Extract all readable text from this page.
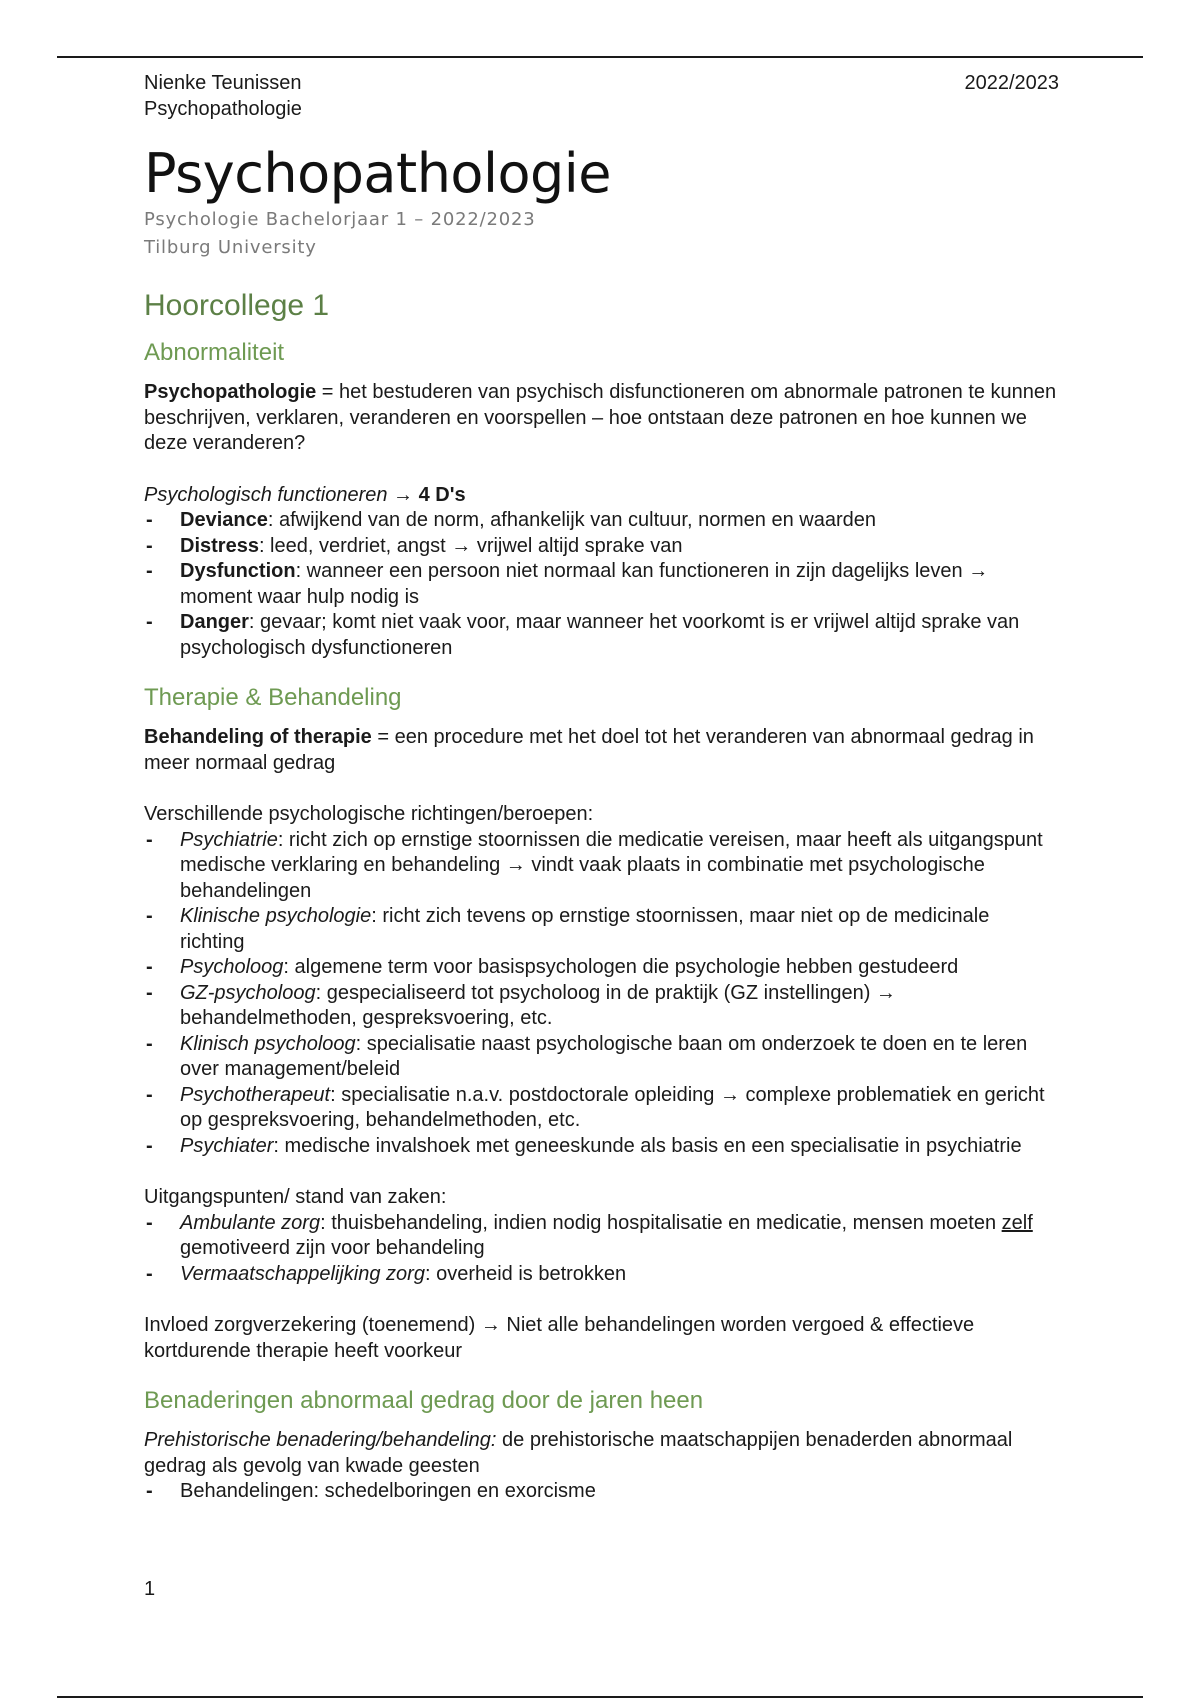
Nienke Teunissen
Psychopathologie
2022/2023
Psychopathologie
Psychologie Bachelorjaar 1 – 2022/2023
Tilburg University
Hoorcollege 1
Abnormaliteit

Psychopathologie = het bestuderen van psychisch disfunctioneren om abnormale patronen te kunnen beschrijven, verklaren, veranderen en voorspellen – hoe ontstaan deze patronen en hoe kunnen we deze veranderen?

Psychologisch functioneren → 4 D's

- Deviance: afwijkend van de norm, afhankelijk van cultuur, normen en waarden
- Distress: leed, verdriet, angst → vrijwel altijd sprake van
- Dysfunction: wanneer een persoon niet normaal kan functioneren in zijn dagelijks leven → moment waar hulp nodig is
- Danger: gevaar; komt niet vaak voor, maar wanneer het voorkomt is er vrijwel altijd sprake van psychologisch dysfunctioneren
Therapie & Behandeling

Behandeling of therapie = een procedure met het doel tot het veranderen van abnormaal gedrag in meer normaal gedrag

Verschillende psychologische richtingen/beroepen:

- Psychiatrie: richt zich op ernstige stoornissen die medicatie vereisen, maar heeft als uitgangspunt medische verklaring en behandeling → vindt vaak plaats in combinatie met psychologische behandelingen
- Klinische psychologie: richt zich tevens op ernstige stoornissen, maar niet op de medicinale richting
- Psycholoog: algemene term voor basispsychologen die psychologie hebben gestudeerd
- GZ-psycholoog: gespecialiseerd tot psycholoog in de praktijk (GZ instellingen) → behandelmethoden, gespreksvoering, etc.
- Klinisch psycholoog: specialisatie naast psychologische baan om onderzoek te doen en te leren over management/beleid
- Psychotherapeut: specialisatie n.a.v. postdoctorale opleiding → complexe problematiek en gericht op gespreksvoering, behandelmethoden, etc.
- Psychiater: medische invalshoek met geneeskunde als basis en een specialisatie in psychiatrie

Uitgangspunten/ stand van zaken:

- Ambulante zorg: thuisbehandeling, indien nodig hospitalisatie en medicatie, mensen moeten zelf gemotiveerd zijn voor behandeling
- Vermaatschappelijking zorg: overheid is betrokken

Invloed zorgverzekering (toenemend) → Niet alle behandelingen worden vergoed & effectieve kortdurende therapie heeft voorkeur

Benaderingen abnormaal gedrag door de jaren heen

Prehistorische benadering/behandeling: de prehistorische maatschappijen benaderden abnormaal gedrag als gevolg van kwade geesten

- Behandelingen: schedelboringen en exorcisme
1
